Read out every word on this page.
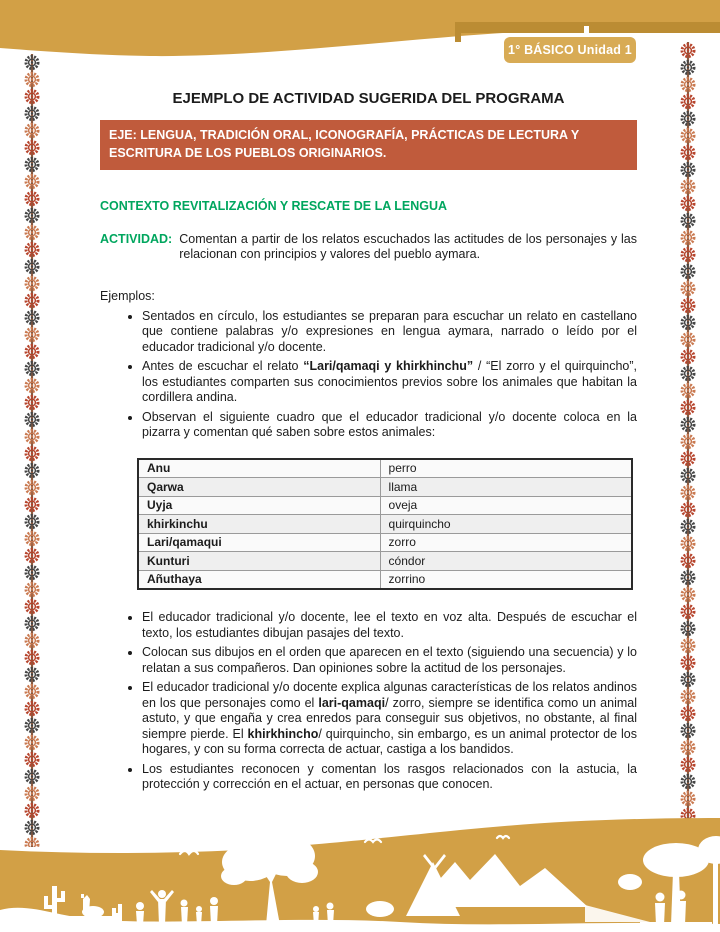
1° BÁSICO Unidad 1
EJEMPLO DE ACTIVIDAD SUGERIDA DEL PROGRAMA
EJE: LENGUA, TRADICIÓN ORAL, ICONOGRAFÍA, PRÁCTICAS DE LECTURA Y ESCRITURA DE LOS PUEBLOS ORIGINARIOS.
CONTEXTO REVITALIZACIÓN Y RESCATE DE LA LENGUA
ACTIVIDAD: Comentan a partir de los relatos escuchados las actitudes de los personajes y las relacionan con principios y valores del pueblo aymara.
Ejemplos:
• Sentados en círculo, los estudiantes se preparan para escuchar un relato en castellano que contiene palabras y/o expresiones en lengua aymara, narrado o leído por el educador tradicional y/o docente.
• Antes de escuchar el relato “Lari/qamaqi y khirkhinchu” / “El zorro y el quirquincho”, los estudiantes comparten sus conocimientos previos sobre los animales que habitan la cordillera andina.
• Observan el siguiente cuadro que el educador tradicional y/o docente coloca en la pizarra y comentan qué saben sobre estos animales:
Anu	perro
Qarwa	llama
Uyja	oveja
khirkinchu	quirquincho
Lari/qamaqui	zorro
Kunturi	cóndor
Añuthaya	zorrino
• El educador tradicional y/o docente, lee el texto en voz alta. Después de escuchar el texto, los estudiantes dibujan pasajes del texto.
• Colocan sus dibujos en el orden que aparecen en el texto (siguiendo una secuencia) y lo relatan a sus compañeros. Dan opiniones sobre la actitud de los personajes.
• El educador tradicional y/o docente explica algunas características de los relatos andinos en los que personajes como el lari-qamaqi/ zorro, siempre se identifica como un animal astuto, y que engaña y crea enredos para conseguir sus objetivos, no obstante, al final siempre pierde. El khirkhincho/ quirquincho, sin embargo, es un animal protector de los hogares, y con su forma correcta de actuar, castiga a los bandidos.
• Los estudiantes reconocen y comentan los rasgos relacionados con la astucia, la protección y corrección en el actuar, en personas que conocen.
